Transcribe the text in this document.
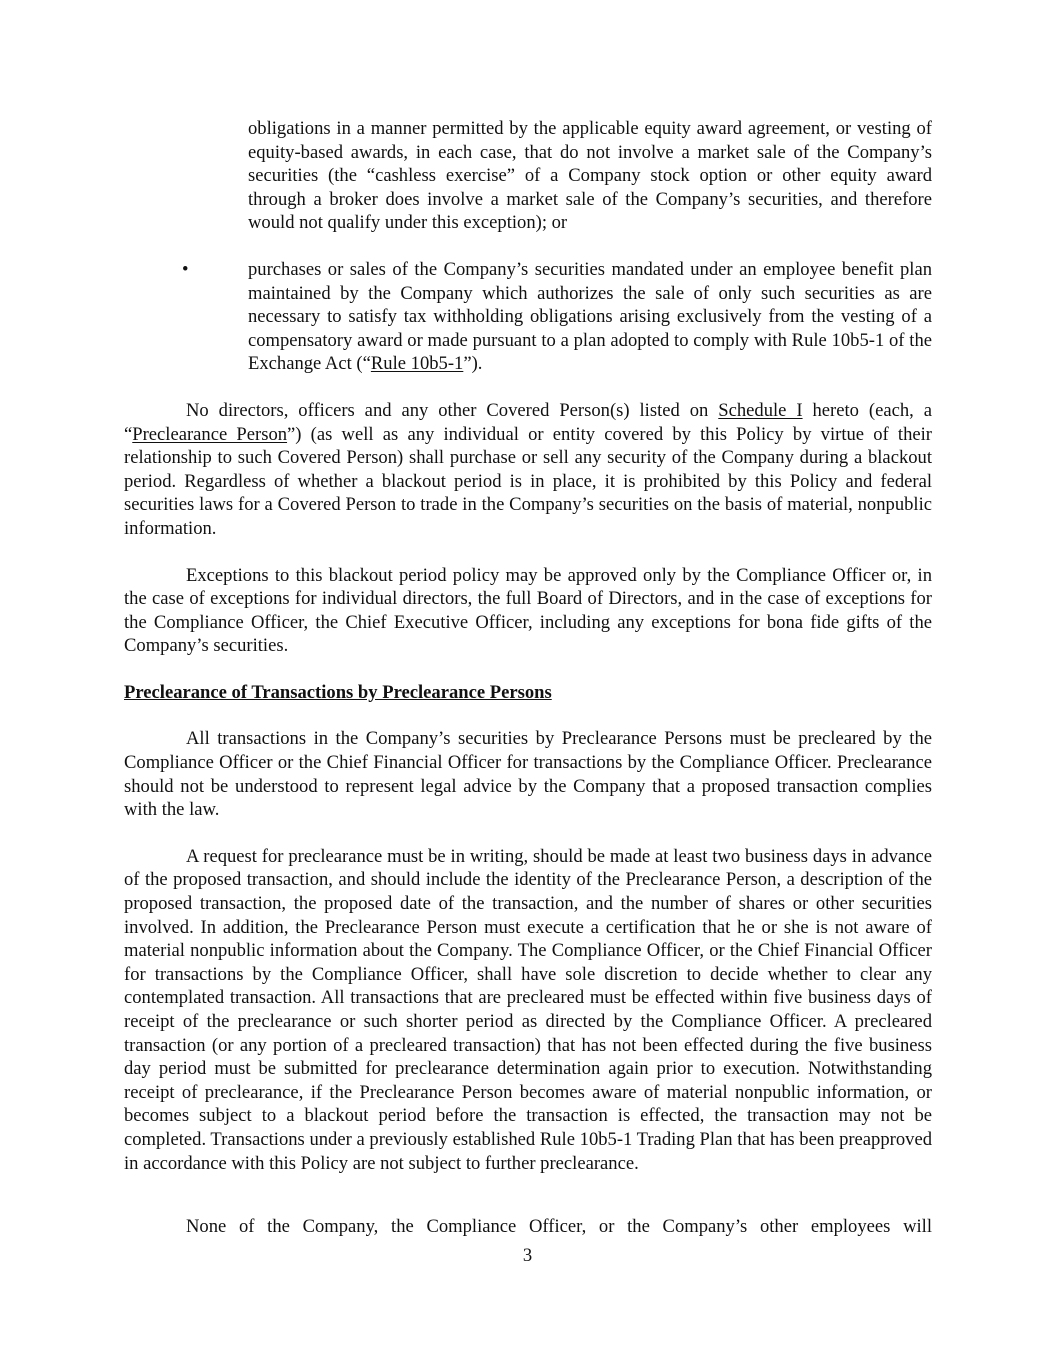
obligations in a manner permitted by the applicable equity award agreement, or vesting of equity-based awards, in each case, that do not involve a market sale of the Company’s securities (the “cashless exercise” of a Company stock option or other equity award through a broker does involve a market sale of the Company’s securities, and therefore would not qualify under this exception); or

•	purchases or sales of the Company’s securities mandated under an employee benefit plan maintained by the Company which authorizes the sale of only such securities as are necessary to satisfy tax withholding obligations arising exclusively from the vesting of a compensatory award or made pursuant to a plan adopted to comply with Rule 10b5-1 of the Exchange Act (“Rule 10b5-1”).

No directors, officers and any other Covered Person(s) listed on Schedule I hereto (each, a “Preclearance Person”) (as well as any individual or entity covered by this Policy by virtue of their relationship to such Covered Person) shall purchase or sell any security of the Company during a blackout period. Regardless of whether a blackout period is in place, it is prohibited by this Policy and federal securities laws for a Covered Person to trade in the Company’s securities on the basis of material, nonpublic information.

Exceptions to this blackout period policy may be approved only by the Compliance Officer or, in the case of exceptions for individual directors, the full Board of Directors, and in the case of exceptions for the Compliance Officer, the Chief Executive Officer, including any exceptions for bona fide gifts of the Company’s securities.

Preclearance of Transactions by Preclearance Persons

All transactions in the Company’s securities by Preclearance Persons must be precleared by the Compliance Officer or the Chief Financial Officer for transactions by the Compliance Officer. Preclearance should not be understood to represent legal advice by the Company that a proposed transaction complies with the law.

A request for preclearance must be in writing, should be made at least two business days in advance of the proposed transaction, and should include the identity of the Preclearance Person, a description of the proposed transaction, the proposed date of the transaction, and the number of shares or other securities involved. In addition, the Preclearance Person must execute a certification that he or she is not aware of material nonpublic information about the Company. The Compliance Officer, or the Chief Financial Officer for transactions by the Compliance Officer, shall have sole discretion to decide whether to clear any contemplated transaction. All transactions that are precleared must be effected within five business days of receipt of the preclearance or such shorter period as directed by the Compliance Officer. A precleared transaction (or any portion of a precleared transaction) that has not been effected during the five business day period must be submitted for preclearance determination again prior to execution. Notwithstanding receipt of preclearance, if the Preclearance Person becomes aware of material nonpublic information, or becomes subject to a blackout period before the transaction is effected, the transaction may not be completed. Transactions under a previously established Rule 10b5-1 Trading Plan that has been preapproved in accordance with this Policy are not subject to further preclearance.

None of the Company, the Compliance Officer, or the Company’s other employees will

3
